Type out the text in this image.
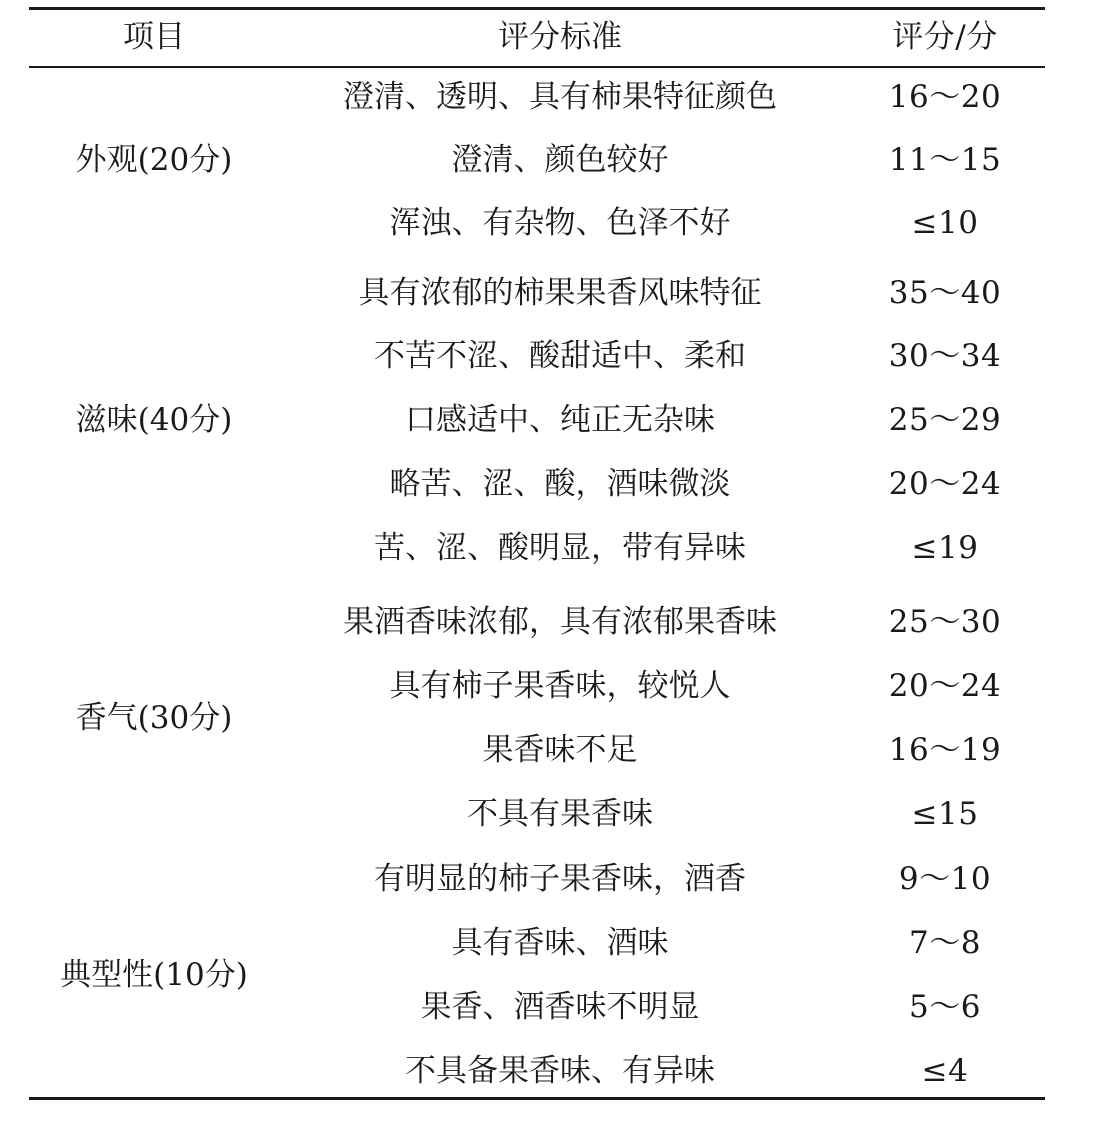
项目	评分标准	评分/分
外观(20分)
澄清、透明、具有柿果特征颜色	16～20
澄清、颜色较好	11～15
浑浊、有杂物、色泽不好	≤10
滋味(40分)
具有浓郁的柿果果香风味特征	35～40
不苦不涩、酸甜适中、柔和	30～34
口感适中、纯正无杂味	25～29
略苦、涩、酸，酒味微淡	20～24
苦、涩、酸明显，带有异味	≤19
香气(30分)
果酒香味浓郁，具有浓郁果香味	25～30
具有柿子果香味，较悦人	20～24
果香味不足	16～19
不具有果香味	≤15
典型性(10分)
有明显的柿子果香味，酒香	9～10
具有香味、酒味	7～8
果香、酒香味不明显	5～6
不具备果香味、有异味	≤4
